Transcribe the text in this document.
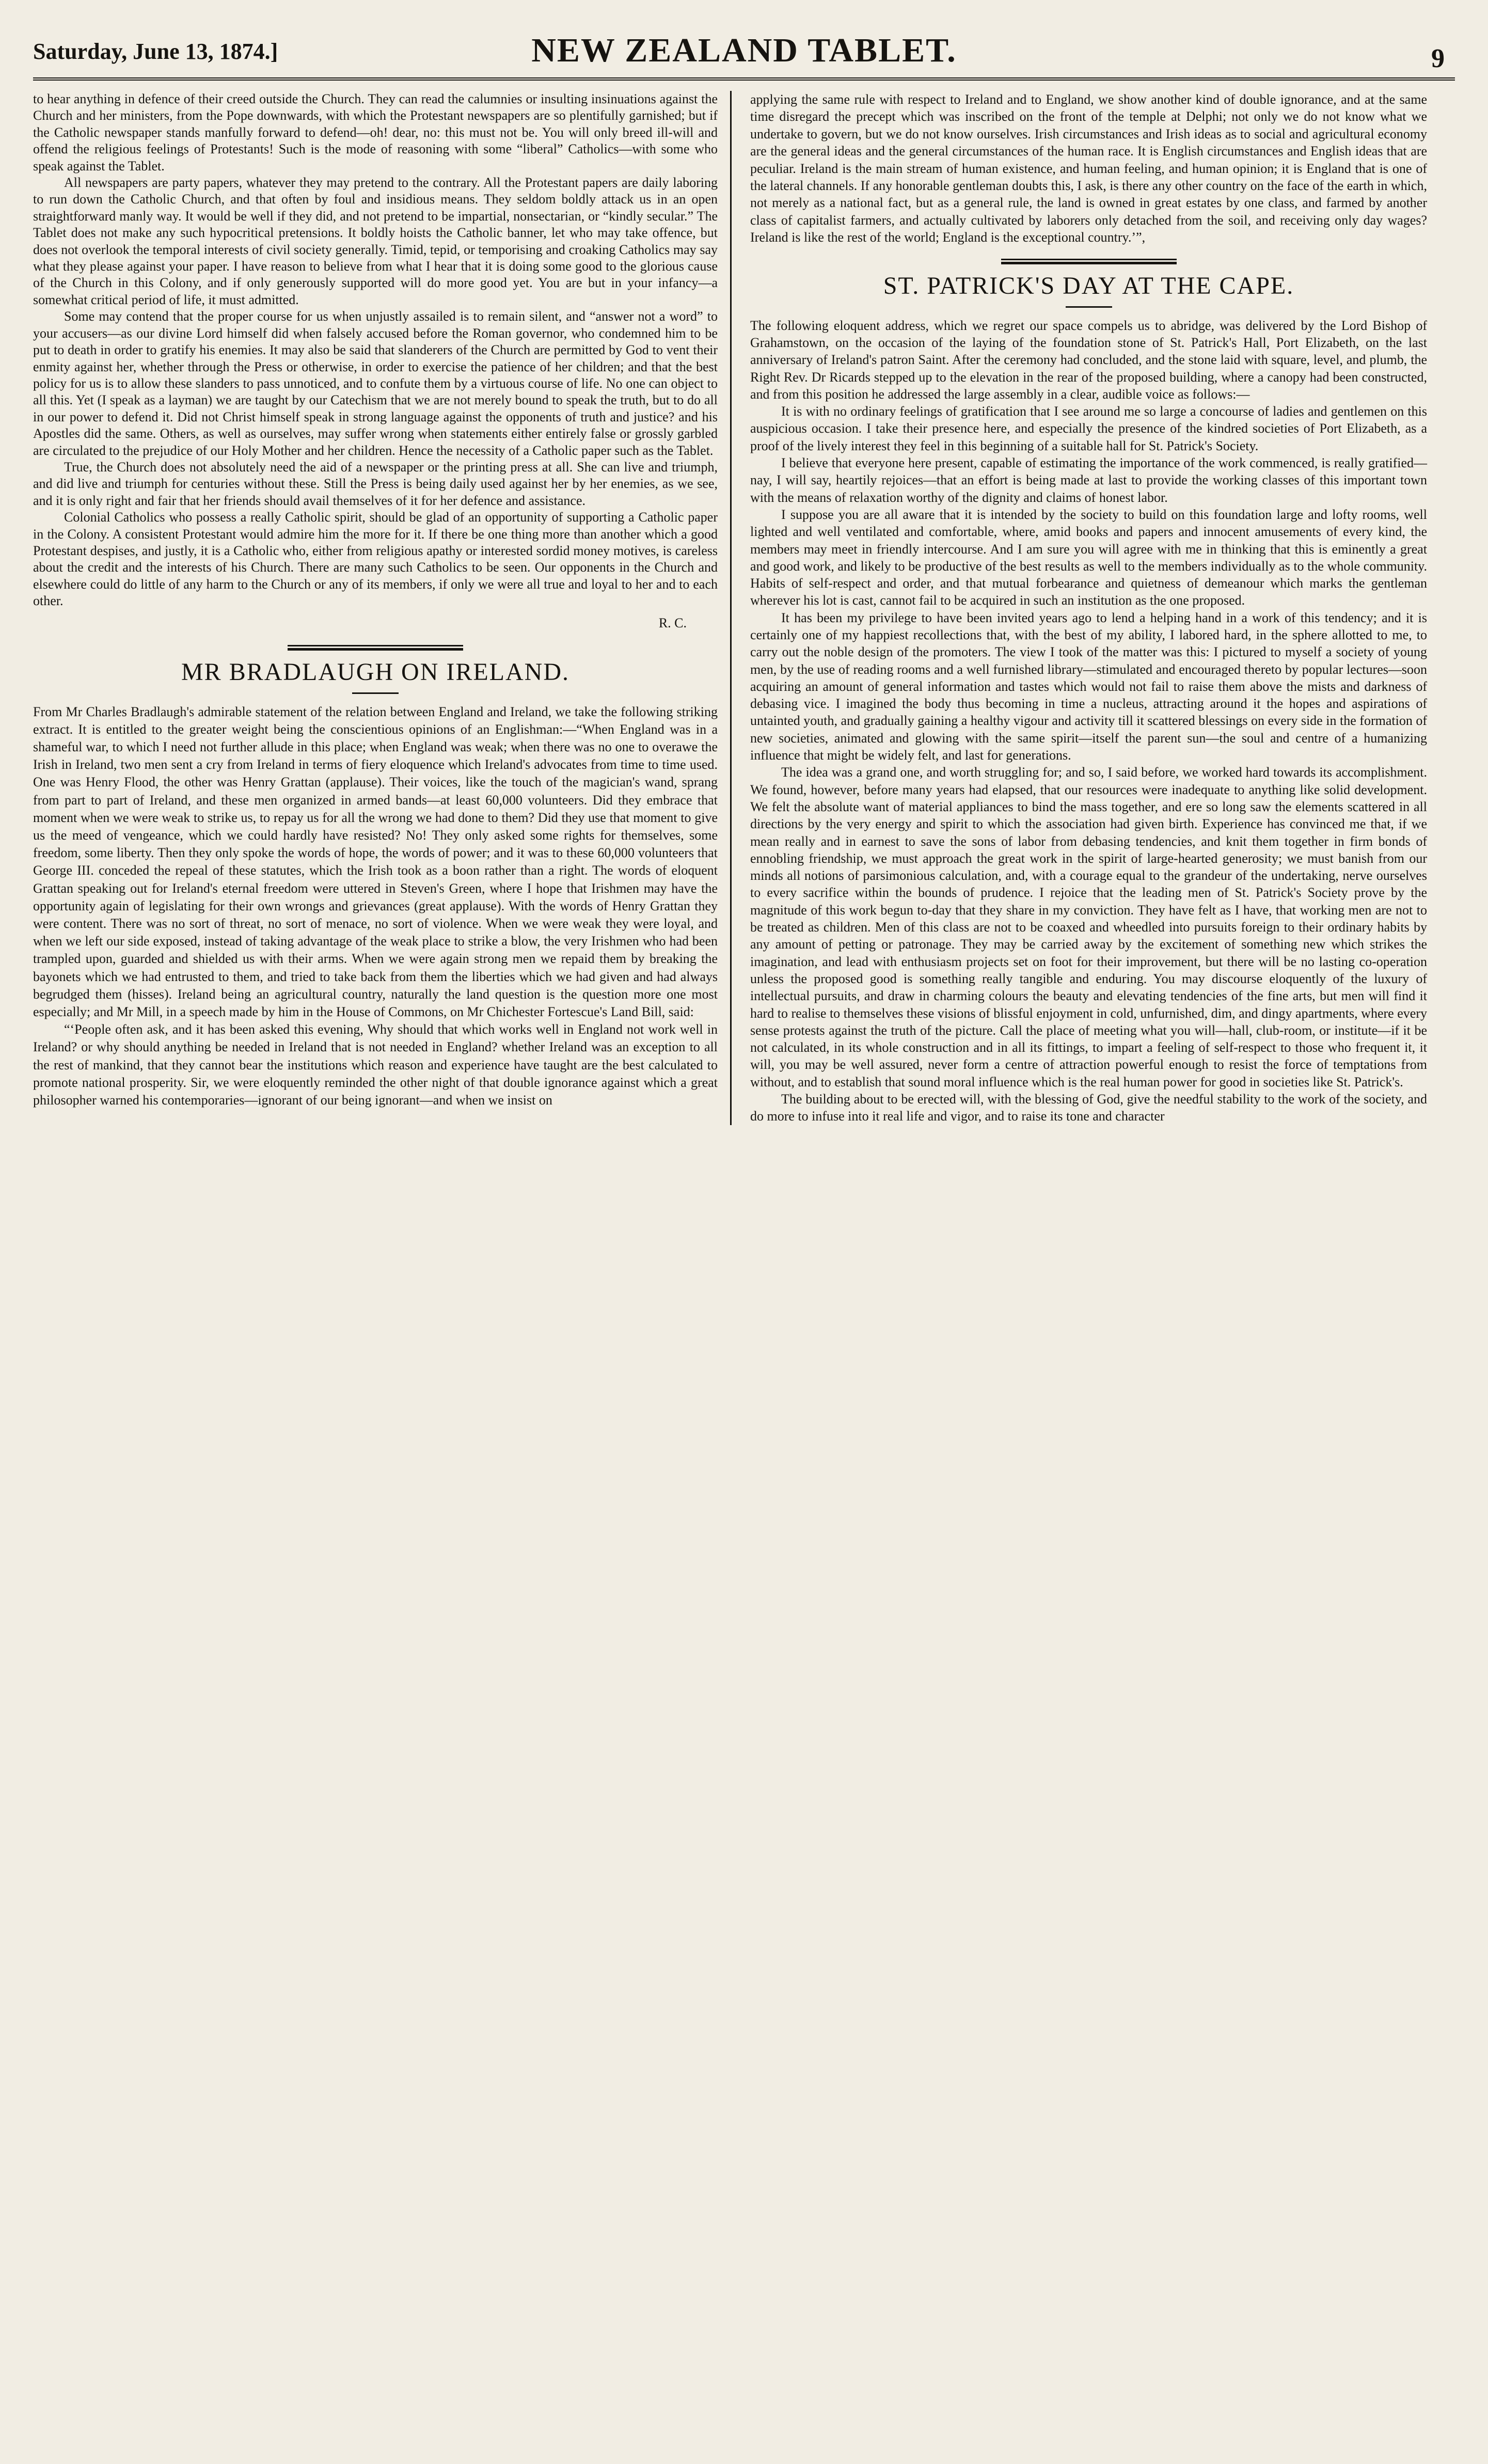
Saturday, June 13, 1874.]	NEW ZEALAND TABLET.	9

to hear anything in defence of their creed outside the Church. They can read the calumnies or insulting insinuations against the Church and her ministers, from the Pope downwards, with which the Protestant newspapers are so plentifully garnished; but if the Catholic newspaper stands manfully forward to defend—oh! dear, no: this must not be. You will only breed ill-will and offend the religious feelings of Protestants! Such is the mode of reasoning with some “liberal” Catholics—with some who speak against the Tablet.

All newspapers are party papers, whatever they may pretend to the contrary. All the Protestant papers are daily laboring to run down the Catholic Church, and that often by foul and insidious means. They seldom boldly attack us in an open straightforward manly way. It would be well if they did, and not pretend to be impartial, nonsectarian, or “kindly secular.” The Tablet does not make any such hypocritical pretensions. It boldly hoists the Catholic banner, let who may take offence, but does not overlook the temporal interests of civil society generally. Timid, tepid, or temporising and croaking Catholics may say what they please against your paper. I have reason to believe from what I hear that it is doing some good to the glorious cause of the Church in this Colony, and if only generously supported will do more good yet. You are but in your infancy—a somewhat critical period of life, it must admitted.

Some may contend that the proper course for us when unjustly assailed is to remain silent, and “answer not a word” to your accusers—as our divine Lord himself did when falsely accused before the Roman governor, who condemned him to be put to death in order to gratify his enemies. It may also be said that slanderers of the Church are permitted by God to vent their enmity against her, whether through the Press or otherwise, in order to exercise the patience of her children; and that the best policy for us is to allow these slanders to pass unnoticed, and to confute them by a virtuous course of life. No one can object to all this. Yet (I speak as a layman) we are taught by our Catechism that we are not merely bound to speak the truth, but to do all in our power to defend it. Did not Christ himself speak in strong language against the opponents of truth and justice? and his Apostles did the same. Others, as well as ourselves, may suffer wrong when statements either entirely false or grossly garbled are circulated to the prejudice of our Holy Mother and her children. Hence the necessity of a Catholic paper such as the Tablet.

True, the Church does not absolutely need the aid of a newspaper or the printing press at all. She can live and triumph, and did live and triumph for centuries without these. Still the Press is being daily used against her by her enemies, as we see, and it is only right and fair that her friends should avail themselves of it for her defence and assistance.

Colonial Catholics who possess a really Catholic spirit, should be glad of an opportunity of supporting a Catholic paper in the Colony. A consistent Protestant would admire him the more for it. If there be one thing more than another which a good Protestant despises, and justly, it is a Catholic who, either from religious apathy or interested sordid money motives, is careless about the credit and the interests of his Church. There are many such Catholics to be seen. Our opponents in the Church and elsewhere could do little of any harm to the Church or any of its members, if only we were all true and loyal to her and to each other.

R. C.
MR BRADLAUGH ON IRELAND.

From Mr Charles Bradlaugh's admirable statement of the relation between England and Ireland, we take the following striking extract. It is entitled to the greater weight being the conscientious opinions of an Englishman:—“When England was in a shameful war, to which I need not further allude in this place; when England was weak; when there was no one to overawe the Irish in Ireland, two men sent a cry from Ireland in terms of fiery eloquence which Ireland's advocates from time to time used. One was Henry Flood, the other was Henry Grattan (applause). Their voices, like the touch of the magician's wand, sprang from part to part of Ireland, and these men organized in armed bands—at least 60,000 volunteers. Did they embrace that moment when we were weak to strike us, to repay us for all the wrong we had done to them? Did they use that moment to give us the meed of vengeance, which we could hardly have resisted? No! They only asked some rights for themselves, some freedom, some liberty. Then they only spoke the words of hope, the words of power; and it was to these 60,000 volunteers that George III. conceded the repeal of these statutes, which the Irish took as a boon rather than a right. The words of eloquent Grattan speaking out for Ireland's eternal freedom were uttered in Steven's Green, where I hope that Irishmen may have the opportunity again of legislating for their own wrongs and grievances (great applause). With the words of Henry Grattan they were content. There was no sort of threat, no sort of menace, no sort of violence. When we were weak they were loyal, and when we left our side exposed, instead of taking advantage of the weak place to strike a blow, the very Irishmen who had been trampled upon, guarded and shielded us with their arms. When we were again strong men we repaid them by breaking the bayonets which we had entrusted to them, and tried to take back from them the liberties which we had given and had always begrudged them (hisses). Ireland being an agricultural country, naturally the land question is the question more one most especially; and Mr Mill, in a speech made by him in the House of Commons, on Mr Chichester Fortescue's Land Bill, said:

“‘People often ask, and it has been asked this evening, Why should that which works well in England not work well in Ireland? or why should anything be needed in Ireland that is not needed in England? whether Ireland was an exception to all the rest of mankind, that they cannot bear the institutions which reason and experience have taught are the best calculated to promote national prosperity. Sir, we were eloquently reminded the other night of that double ignorance against which a great philosopher warned his contemporaries—ignorant of our being ignorant—and when we insist on

applying the same rule with respect to Ireland and to England, we show another kind of double ignorance, and at the same time disregard the precept which was inscribed on the front of the temple at Delphi; not only we do not know what we undertake to govern, but we do not know ourselves. Irish circumstances and Irish ideas as to social and agricultural economy are the general ideas and the general circumstances of the human race. It is English circumstances and English ideas that are peculiar. Ireland is the main stream of human existence, and human feeling, and human opinion; it is England that is one of the lateral channels. If any honorable gentleman doubts this, I ask, is there any other country on the face of the earth in which, not merely as a national fact, but as a general rule, the land is owned in great estates by one class, and farmed by another class of capitalist farmers, and actually cultivated by laborers only detached from the soil, and receiving only day wages? Ireland is like the rest of the world; England is the exceptional country.’”,

ST. PATRICK'S DAY AT THE CAPE.

The following eloquent address, which we regret our space compels us to abridge, was delivered by the Lord Bishop of Grahamstown, on the occasion of the laying of the foundation stone of St. Patrick's Hall, Port Elizabeth, on the last anniversary of Ireland's patron Saint. After the ceremony had concluded, and the stone laid with square, level, and plumb, the Right Rev. Dr Ricards stepped up to the elevation in the rear of the proposed building, where a canopy had been constructed, and from this position he addressed the large assembly in a clear, audible voice as follows:—

It is with no ordinary feelings of gratification that I see around me so large a concourse of ladies and gentlemen on this auspicious occasion. I take their presence here, and especially the presence of the kindred societies of Port Elizabeth, as a proof of the lively interest they feel in this beginning of a suitable hall for St. Patrick's Society.

I believe that everyone here present, capable of estimating the importance of the work commenced, is really gratified—nay, I will say, heartily rejoices—that an effort is being made at last to provide the working classes of this important town with the means of relaxation worthy of the dignity and claims of honest labor.

I suppose you are all aware that it is intended by the society to build on this foundation large and lofty rooms, well lighted and well ventilated and comfortable, where, amid books and papers and innocent amusements of every kind, the members may meet in friendly intercourse. And I am sure you will agree with me in thinking that this is eminently a great and good work, and likely to be productive of the best results as well to the members individually as to the whole community. Habits of self-respect and order, and that mutual forbearance and quietness of demeanour which marks the gentleman wherever his lot is cast, cannot fail to be acquired in such an institution as the one proposed.

It has been my privilege to have been invited years ago to lend a helping hand in a work of this tendency; and it is certainly one of my happiest recollections that, with the best of my ability, I labored hard, in the sphere allotted to me, to carry out the noble design of the promoters. The view I took of the matter was this: I pictured to myself a society of young men, by the use of reading rooms and a well furnished library—stimulated and encouraged thereto by popular lectures—soon acquiring an amount of general information and tastes which would not fail to raise them above the mists and darkness of debasing vice. I imagined the body thus becoming in time a nucleus, attracting around it the hopes and aspirations of untainted youth, and gradually gaining a healthy vigour and activity till it scattered blessings on every side in the formation of new societies, animated and glowing with the same spirit—itself the parent sun—the soul and centre of a humanizing influence that might be widely felt, and last for generations.

The idea was a grand one, and worth struggling for; and so, I said before, we worked hard towards its accomplishment. We found, however, before many years had elapsed, that our resources were inadequate to anything like solid development. We felt the absolute want of material appliances to bind the mass together, and ere so long saw the elements scattered in all directions by the very energy and spirit to which the association had given birth. Experience has convinced me that, if we mean really and in earnest to save the sons of labor from debasing tendencies, and knit them together in firm bonds of ennobling friendship, we must approach the great work in the spirit of large-hearted generosity; we must banish from our minds all notions of parsimonious calculation, and, with a courage equal to the grandeur of the undertaking, nerve ourselves to every sacrifice within the bounds of prudence. I rejoice that the leading men of St. Patrick's Society prove by the magnitude of this work begun to-day that they share in my conviction. They have felt as I have, that working men are not to be treated as children. Men of this class are not to be coaxed and wheedled into pursuits foreign to their ordinary habits by any amount of petting or patronage. They may be carried away by the excitement of something new which strikes the imagination, and lead with enthusiasm projects set on foot for their improvement, but there will be no lasting co-operation unless the proposed good is something really tangible and enduring. You may discourse eloquently of the luxury of intellectual pursuits, and draw in charming colours the beauty and elevating tendencies of the fine arts, but men will find it hard to realise to themselves these visions of blissful enjoyment in cold, unfurnished, dim, and dingy apartments, where every sense protests against the truth of the picture. Call the place of meeting what you will—hall, club-room, or institute—if it be not calculated, in its whole construction and in all its fittings, to impart a feeling of self-respect to those who frequent it, it will, you may be well assured, never form a centre of attraction powerful enough to resist the force of temptations from without, and to establish that sound moral influence which is the real human power for good in societies like St. Patrick's.

The building about to be erected will, with the blessing of God, give the needful stability to the work of the society, and do more to infuse into it real life and vigor, and to raise its tone and character
